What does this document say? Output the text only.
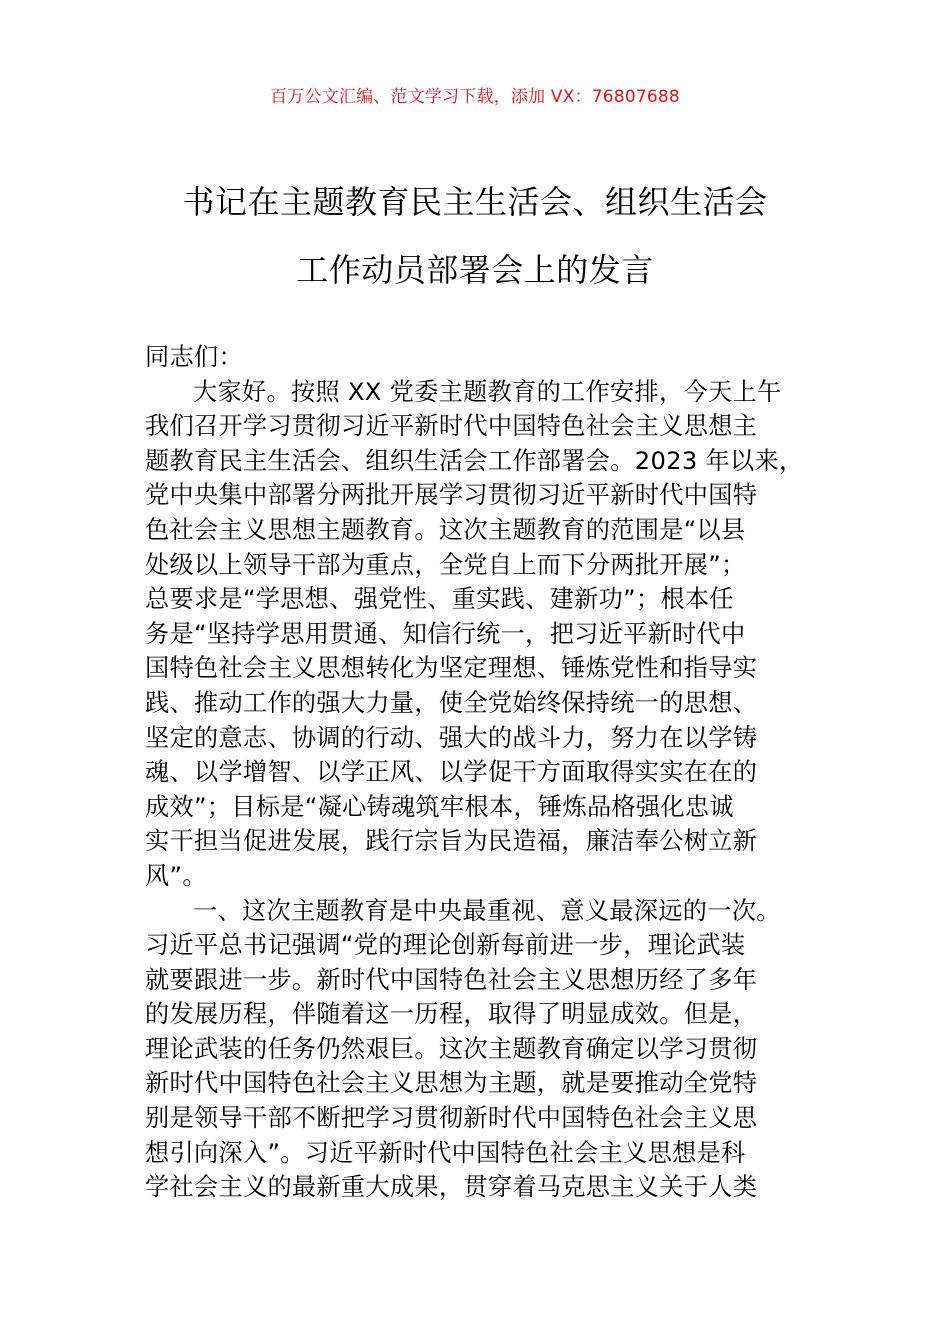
百万公文汇编、范文学习下载，添加 VX：76807688
书记在主题教育民主生活会、组织生活会
工作动员部署会上的发言
同志们：
大家好。按照 XX 党委主题教育的工作安排，今天上午
我们召开学习贯彻习近平新时代中国特色社会主义思想主
题教育民主生活会、组织生活会工作部署会。2023 年以来，
党中央集中部署分两批开展学习贯彻习近平新时代中国特
色社会主义思想主题教育。这次主题教育的范围是“以县
处级以上领导干部为重点，全党自上而下分两批开展”；
总要求是“学思想、强党性、重实践、建新功”；根本任
务是“坚持学思用贯通、知信行统一，把习近平新时代中
国特色社会主义思想转化为坚定理想、锤炼党性和指导实
践、推动工作的强大力量，使全党始终保持统一的思想、
坚定的意志、协调的行动、强大的战斗力，努力在以学铸
魂、以学增智、以学正风、以学促干方面取得实实在在的
成效”；目标是“凝心铸魂筑牢根本，锤炼品格强化忠诚
实干担当促进发展，践行宗旨为民造福，廉洁奉公树立新
风”。
一、这次主题教育是中央最重视、意义最深远的一次。
习近平总书记强调“党的理论创新每前进一步，理论武装
就要跟进一步。新时代中国特色社会主义思想历经了多年
的发展历程，伴随着这一历程，取得了明显成效。但是，
理论武装的任务仍然艰巨。这次主题教育确定以学习贯彻
新时代中国特色社会主义思想为主题，就是要推动全党特
别是领导干部不断把学习贯彻新时代中国特色社会主义思
想引向深入”。习近平新时代中国特色社会主义思想是科
学社会主义的最新重大成果，贯穿着马克思主义关于人类
